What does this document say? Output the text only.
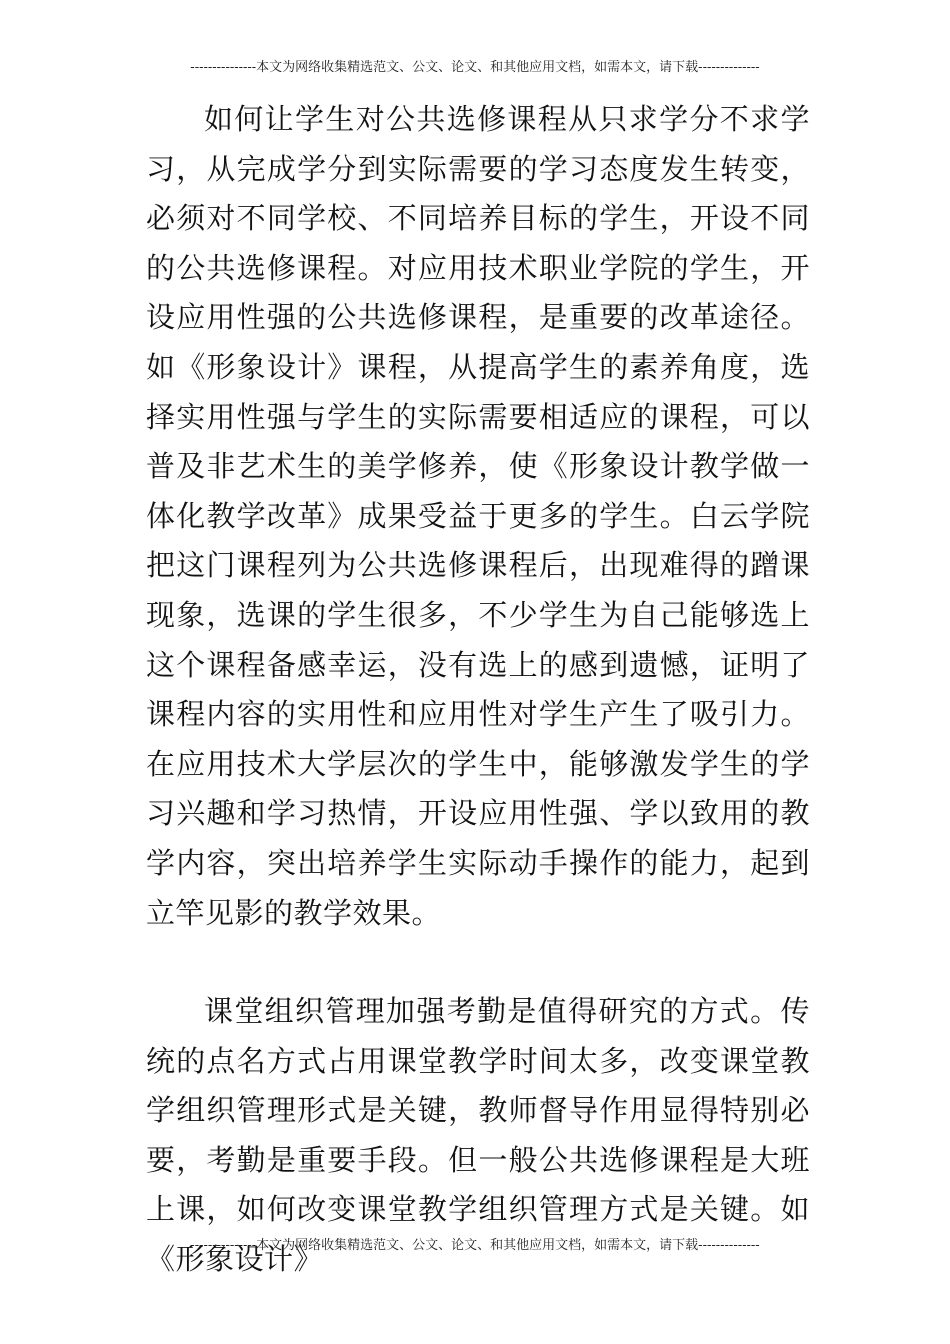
---------------本文为网络收集精选范文、公文、论文、和其他应用文档，如需本文，请下载--------------

如何让学生对公共选修课程从只求学分不求学习，从完成学分到实际需要的学习态度发生转变，必须对不同学校、不同培养目标的学生，开设不同的公共选修课程。对应用技术职业学院的学生，开设应用性强的公共选修课程，是重要的改革途径。如《形象设计》课程，从提高学生的素养角度，选择实用性强与学生的实际需要相适应的课程，可以普及非艺术生的美学修养，使《形象设计教学做一体化教学改革》成果受益于更多的学生。白云学院把这门课程列为公共选修课程后，出现难得的蹭课现象，选课的学生很多，不少学生为自己能够选上这个课程备感幸运，没有选上的感到遗憾，证明了课程内容的实用性和应用性对学生产生了吸引力。在应用技术大学层次的学生中，能够激发学生的学习兴趣和学习热情，开设应用性强、学以致用的教学内容，突出培养学生实际动手操作的能力，起到立竿见影的教学效果。

课堂组织管理加强考勤是值得研究的方式。传统的点名方式占用课堂教学时间太多，改变课堂教学组织管理形式是关键，教师督导作用显得特别必要，考勤是重要手段。但一般公共选修课程是大班上课，如何改变课堂教学组织管理方式是关键。如《形象设计》

---------------本文为网络收集精选范文、公文、论文、和其他应用文档，如需本文，请下载--------------
